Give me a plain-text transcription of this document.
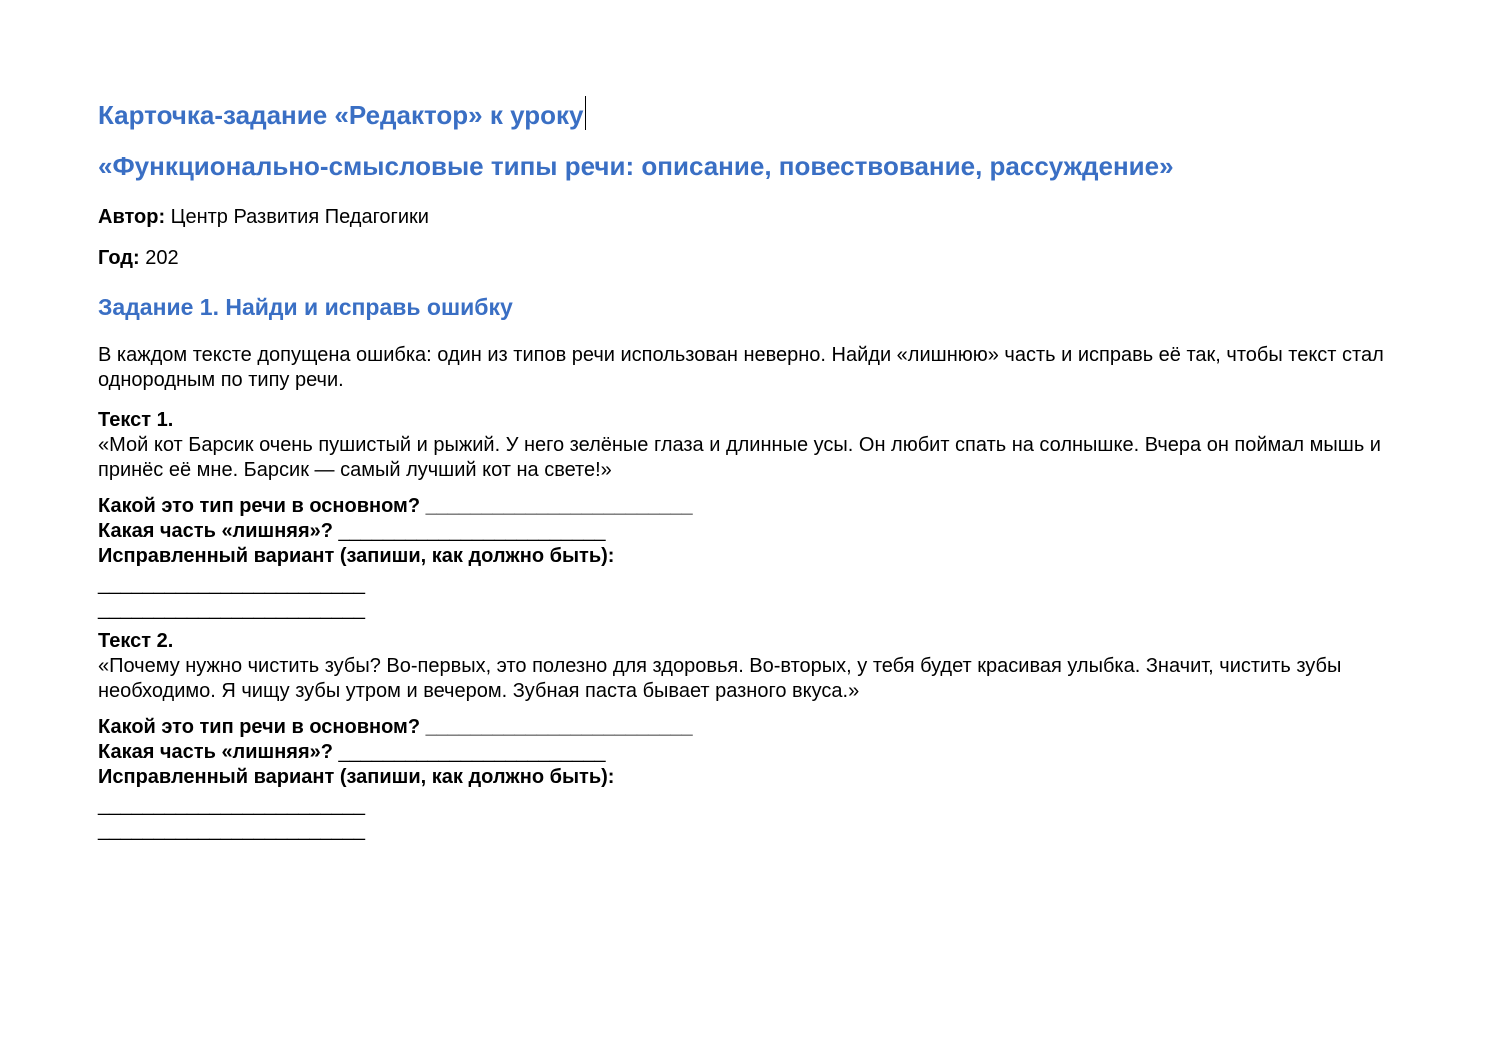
Карточка-задание «Редактор» к уроку
«Функционально-смысловые типы речи: описание, повествование, рассуждение»

Автор: Центр Развития Педагогики

Год: 202

Задание 1. Найди и исправь ошибку

В каждом тексте допущена ошибка: один из типов речи использован неверно. Найди «лишнюю» часть и исправь её так, чтобы текст стал однородным по типу речи.

Текст 1.
«Мой кот Барсик очень пушистый и рыжий. У него зелёные глаза и длинные усы. Он любит спать на солнышке. Вчера он поймал мышь и принёс её мне. Барсик — самый лучший кот на свете!»
Какой это тип речи в основном? ________________________
Какая часть «лишняя»? ________________________
Исправленный вариант (запиши, как должно быть):
________________________
________________________
Текст 2.
«Почему нужно чистить зубы? Во-первых, это полезно для здоровья. Во-вторых, у тебя будет красивая улыбка. Значит, чистить зубы необходимо. Я чищу зубы утром и вечером. Зубная паста бывает разного вкуса.»
Какой это тип речи в основном? ________________________
Какая часть «лишняя»? ________________________
Исправленный вариант (запиши, как должно быть):
________________________
________________________
